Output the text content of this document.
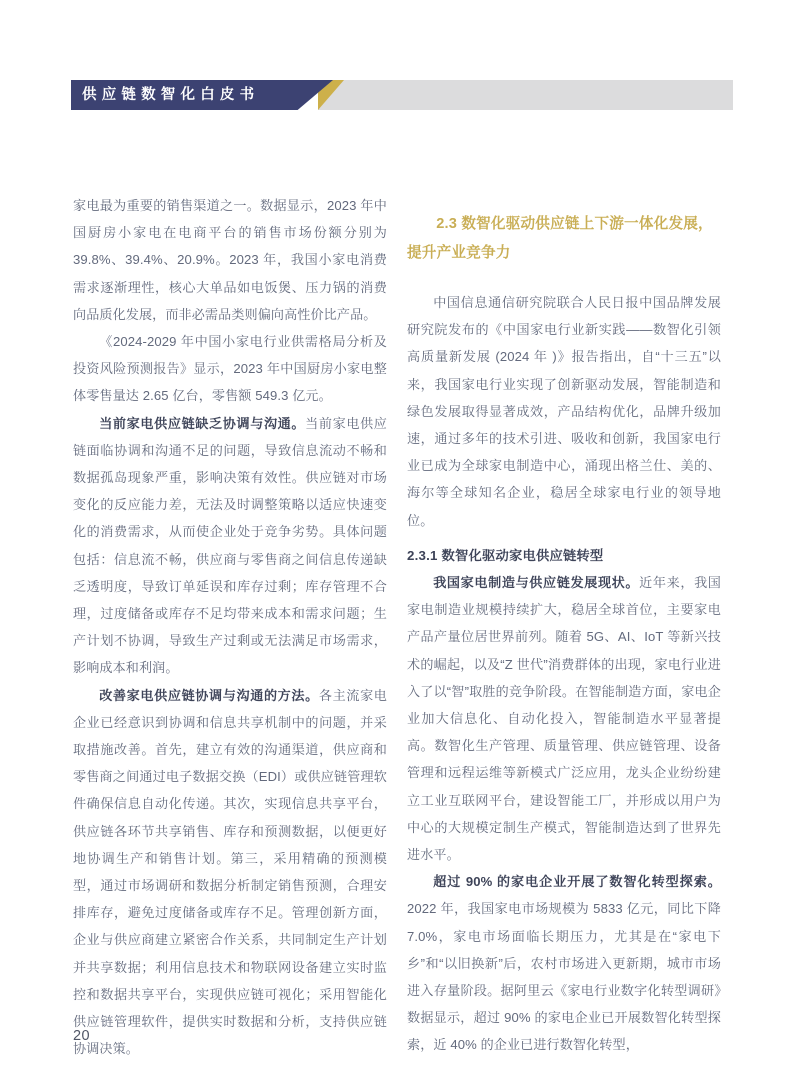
供应链数智化白皮书

家电最为重要的销售渠道之一。数据显示，2023 年中国厨房小家电在电商平台的销售市场份额分别为 39.8%、39.4%、20.9%。2023 年，我国小家电消费需求逐渐理性，核心大单品如电饭煲、压力锅的消费向品质化发展，而非必需品类则偏向高性价比产品。

《2024-2029 年中国小家电行业供需格局分析及投资风险预测报告》显示，2023 年中国厨房小家电整体零售量达 2.65 亿台，零售额 549.3 亿元。

当前家电供应链缺乏协调与沟通。当前家电供应链面临协调和沟通不足的问题，导致信息流动不畅和数据孤岛现象严重，影响决策有效性。供应链对市场变化的反应能力差，无法及时调整策略以适应快速变化的消费需求，从而使企业处于竞争劣势。具体问题包括：信息流不畅，供应商与零售商之间信息传递缺乏透明度，导致订单延误和库存过剩；库存管理不合理，过度储备或库存不足均带来成本和需求问题；生产计划不协调，导致生产过剩或无法满足市场需求，影响成本和利润。

改善家电供应链协调与沟通的方法。各主流家电企业已经意识到协调和信息共享机制中的问题，并采取措施改善。首先，建立有效的沟通渠道，供应商和零售商之间通过电子数据交换（EDI）或供应链管理软件确保信息自动化传递。其次，实现信息共享平台，供应链各环节共享销售、库存和预测数据，以便更好地协调生产和销售计划。第三，采用精确的预测模型，通过市场调研和数据分析制定销售预测，合理安排库存，避免过度储备或库存不足。管理创新方面，企业与供应商建立紧密合作关系，共同制定生产计划并共享数据；利用信息技术和物联网设备建立实时监控和数据共享平台，实现供应链可视化；采用智能化供应链管理软件，提供实时数据和分析，支持供应链协调决策。

2.3 数智化驱动供应链上下游一体化发展，提升产业竞争力

中国信息通信研究院联合人民日报中国品牌发展研究院发布的《中国家电行业新实践——数智化引领高质量新发展 (2024 年 )》报告指出，自“十三五”以来，我国家电行业实现了创新驱动发展，智能制造和绿色发展取得显著成效，产品结构优化，品牌升级加速，通过多年的技术引进、吸收和创新，我国家电行业已成为全球家电制造中心，涌现出格兰仕、美的、海尔等全球知名企业，稳居全球家电行业的领导地位。

2.3.1 数智化驱动家电供应链转型

我国家电制造与供应链发展现状。近年来，我国家电制造业规模持续扩大，稳居全球首位，主要家电产品产量位居世界前列。随着 5G、AI、IoT 等新兴技术的崛起，以及“Z 世代”消费群体的出现，家电行业进入了以“智”取胜的竞争阶段。在智能制造方面，家电企业加大信息化、自动化投入，智能制造水平显著提高。数智化生产管理、质量管理、供应链管理、设备管理和远程运维等新模式广泛应用，龙头企业纷纷建立工业互联网平台，建设智能工厂，并形成以用户为中心的大规模定制生产模式，智能制造达到了世界先进水平。

超过 90% 的家电企业开展了数智化转型探索。2022 年，我国家电市场规模为 5833 亿元，同比下降 7.0%，家电市场面临长期压力，尤其是在“家电下乡”和“以旧换新”后，农村市场进入更新期，城市市场进入存量阶段。据阿里云《家电行业数字化转型调研》数据显示，超过 90% 的家电企业已开展数智化转型探索，近 40% 的企业已进行数智化转型，

20
